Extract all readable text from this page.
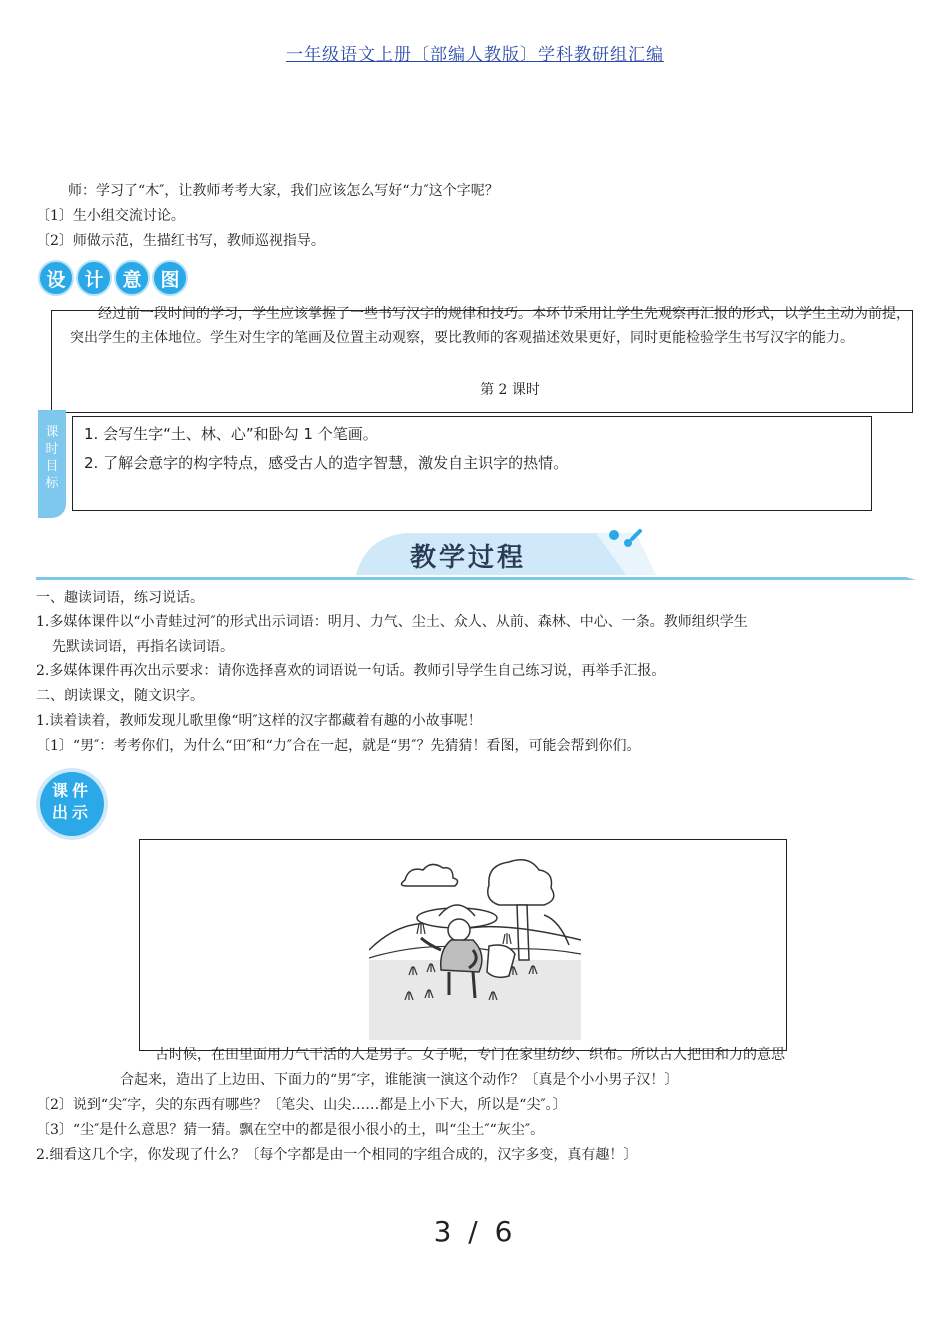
一年级语文上册〔部编人教版〕学科教研组汇编
师：学习了“木″，让教师考考大家，我们应该怎么写好“力″这个字呢？
〔1〕生小组交流讨论。
〔2〕师做示范，生描红书写，教师巡视指导。
设 计 意 图
经过前一段时间的学习，学生应该掌握了一些书写汉字的规律和技巧。本环节采用让学生先观察再汇报的形式，以学生主动为前提，突出学生的主体地位。学生对生字的笔画及位置主动观察，要比教师的客观描述效果更好，同时更能检验学生书写汉字的能力。
第 2 课时
课
时
目
标
1. 会写生字“土、林、心”和卧勾 1 个笔画。
2. 了解会意字的构字特点，感受古人的造字智慧，激发自主识字的热情。
教学过程
一、趣读词语，练习说话。
1.多媒体课件以“小青蛙过河″的形式出示词语：明月、力气、尘土、众人、从前、森林、中心、一条。教师组织学生
先默读词语，再指名读词语。
2.多媒体课件再次出示要求：请你选择喜欢的词语说一句话。教师引导学生自己练习说，再举手汇报。
二、朗读课文，随文识字。
1.读着读着，教师发现儿歌里像“明″这样的汉字都藏着有趣的小故事呢！
〔1〕“男″：考考你们，为什么“田″和“力″合在一起，就是“男″？先猜猜！看图，可能会帮到你们。
课件
出示
古时候，在田里面用力气干活的人是男子。女子呢，专门在家里纺纱、织布。所以古人把田和力的意思
合起来，造出了上边田、下面力的“男″字，谁能演一演这个动作？〔真是个小小男子汉！〕
〔2〕说到“尖″字，尖的东西有哪些？〔笔尖、山尖……都是上小下大，所以是“尖″。〕
〔3〕“尘″是什么意思？猜一猜。飘在空中的都是很小很小的土，叫“尘土″“灰尘″。
2.细看这几个字，你发现了什么？〔每个字都是由一个相同的字组合成的，汉字多变，真有趣！〕
3 / 6
